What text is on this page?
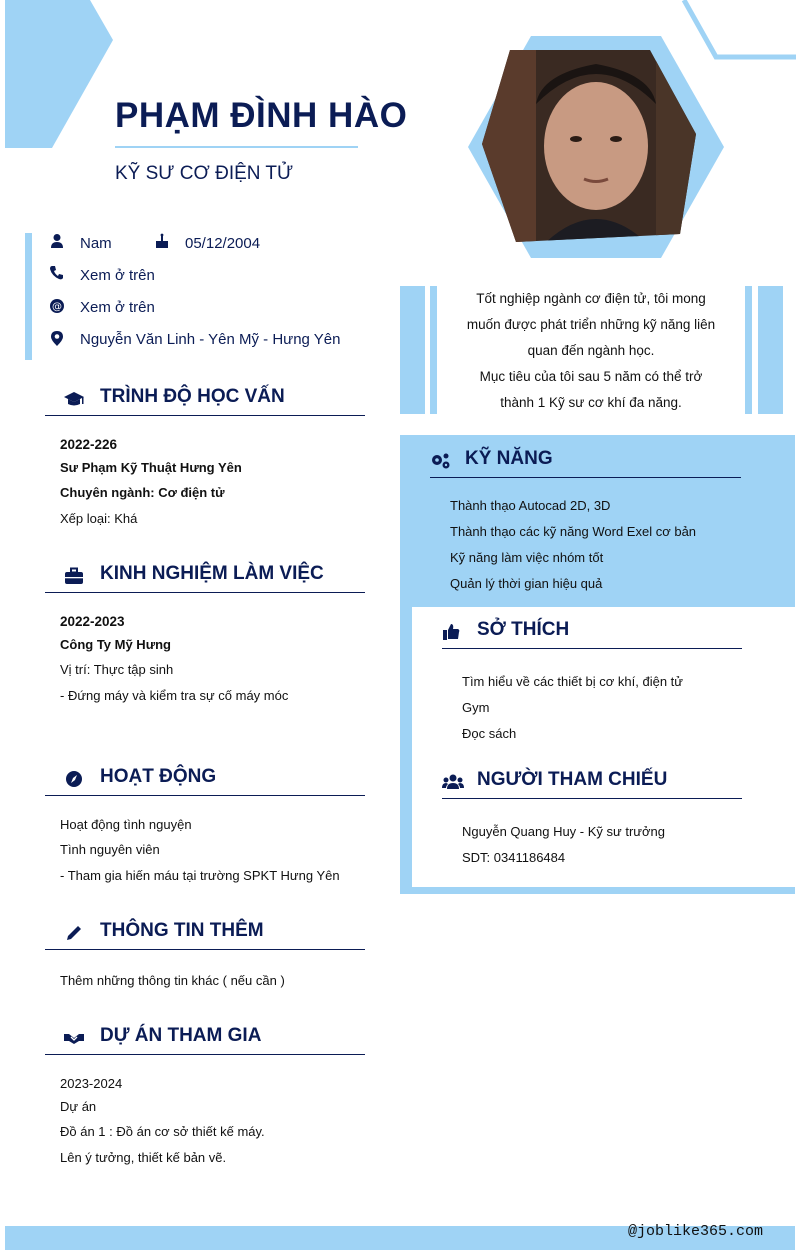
PHẠM ĐÌNH HÀO
KỸ SƯ CƠ ĐIỆN TỬ
Nam	05/12/2004
Xem ở trên
@ Xem ở trên
Nguyễn Văn Linh - Yên Mỹ - Hưng Yên
Tốt nghiệp ngành cơ điện tử, tôi mong
muốn được phát triển những kỹ năng liên
quan đến ngành học.
Mục tiêu của tôi sau 5 năm có thể trở
thành 1 Kỹ sư cơ khí đa năng.
TRÌNH ĐỘ HỌC VẤN
2022-226
Sư Phạm Kỹ Thuật Hưng Yên
Chuyên ngành: Cơ điện tử
Xếp loại: Khá
KINH NGHIỆM LÀM VIỆC
2022-2023
Công Ty Mỹ Hưng
Vị trí: Thực tập sinh
- Đứng máy và kiểm tra sự cố máy móc
HOẠT ĐỘNG
Hoạt động tình nguyện
Tình nguyên viên
- Tham gia hiến máu tại trường SPKT Hưng Yên
THÔNG TIN THÊM
Thêm những thông tin khác ( nếu cần )
DỰ ÁN THAM GIA
2023-2024
Dự án
Đồ án 1 : Đồ án cơ sở thiết kế máy.
Lên ý tưởng, thiết kế bản vẽ.
KỸ NĂNG
Thành thạo Autocad 2D, 3D
Thành thạo các kỹ năng Word Exel cơ bản
Kỹ năng làm việc nhóm tốt
Quản lý thời gian hiệu quả
SỞ THÍCH
Tìm hiểu về các thiết bị cơ khí, điện tử
Gym
Đọc sách
NGƯỜI THAM CHIẾU
Nguyễn Quang Huy - Kỹ sư trưởng
SDT: 0341186484
@joblike365.com
